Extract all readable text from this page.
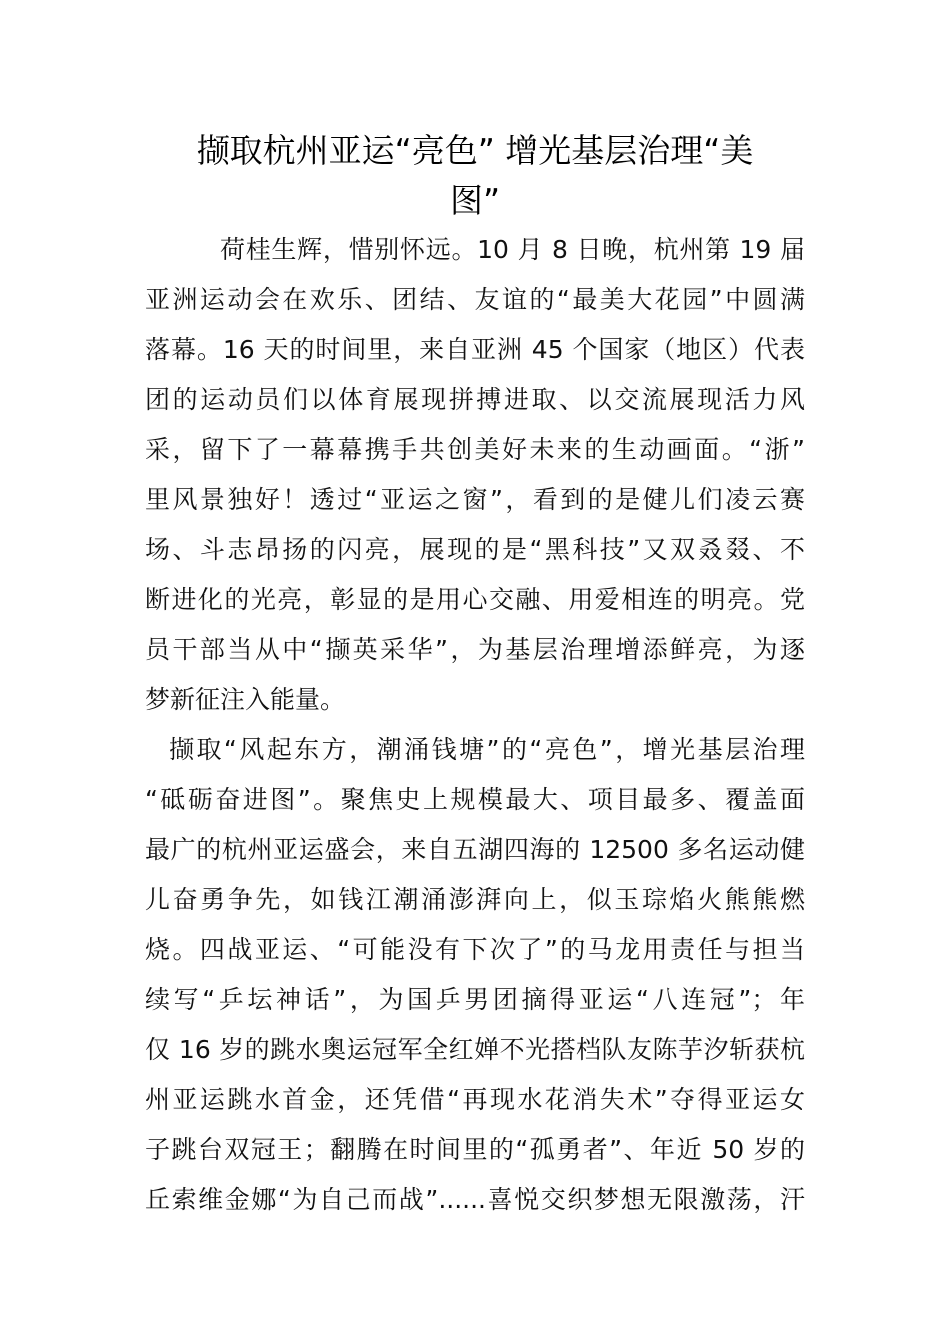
撷取杭州亚运“亮色” 增光基层治理“美
图”
荷桂生辉，惜别怀远。10 月 8 日晚，杭州第 19 届
亚洲运动会在欢乐、团结、友谊的“最美大花园”中圆满
落幕。16 天的时间里，来自亚洲 45 个国家（地区）代表
团的运动员们以体育展现拼搏进取、以交流展现活力风
采，留下了一幕幕携手共创美好未来的生动画面。“浙”
里风景独好！透过“亚运之窗”，看到的是健儿们凌云赛
场、斗志昂扬的闪亮，展现的是“黑科技”又双叒叕、不
断进化的光亮，彰显的是用心交融、用爱相连的明亮。党
员干部当从中“撷英采华”，为基层治理增添鲜亮，为逐
梦新征注入能量。
撷取“风起东方，潮涌钱塘”的“亮色”，增光基层治理
“砥砺奋进图”。聚焦史上规模最大、项目最多、覆盖面
最广的杭州亚运盛会，来自五湖四海的 12500 多名运动健
儿奋勇争先，如钱江潮涌澎湃向上，似玉琮焰火熊熊燃
烧。四战亚运、“可能没有下次了”的马龙用责任与担当
续写“乒坛神话”，为国乒男团摘得亚运“八连冠”；年
仅 16 岁的跳水奥运冠军全红婵不光搭档队友陈芋汐斩获杭
州亚运跳水首金，还凭借“再现水花消失术”夺得亚运女
子跳台双冠王；翻腾在时间里的“孤勇者”、年近 50 岁的
丘索维金娜“为自己而战”......喜悦交织梦想无限激荡，汗
